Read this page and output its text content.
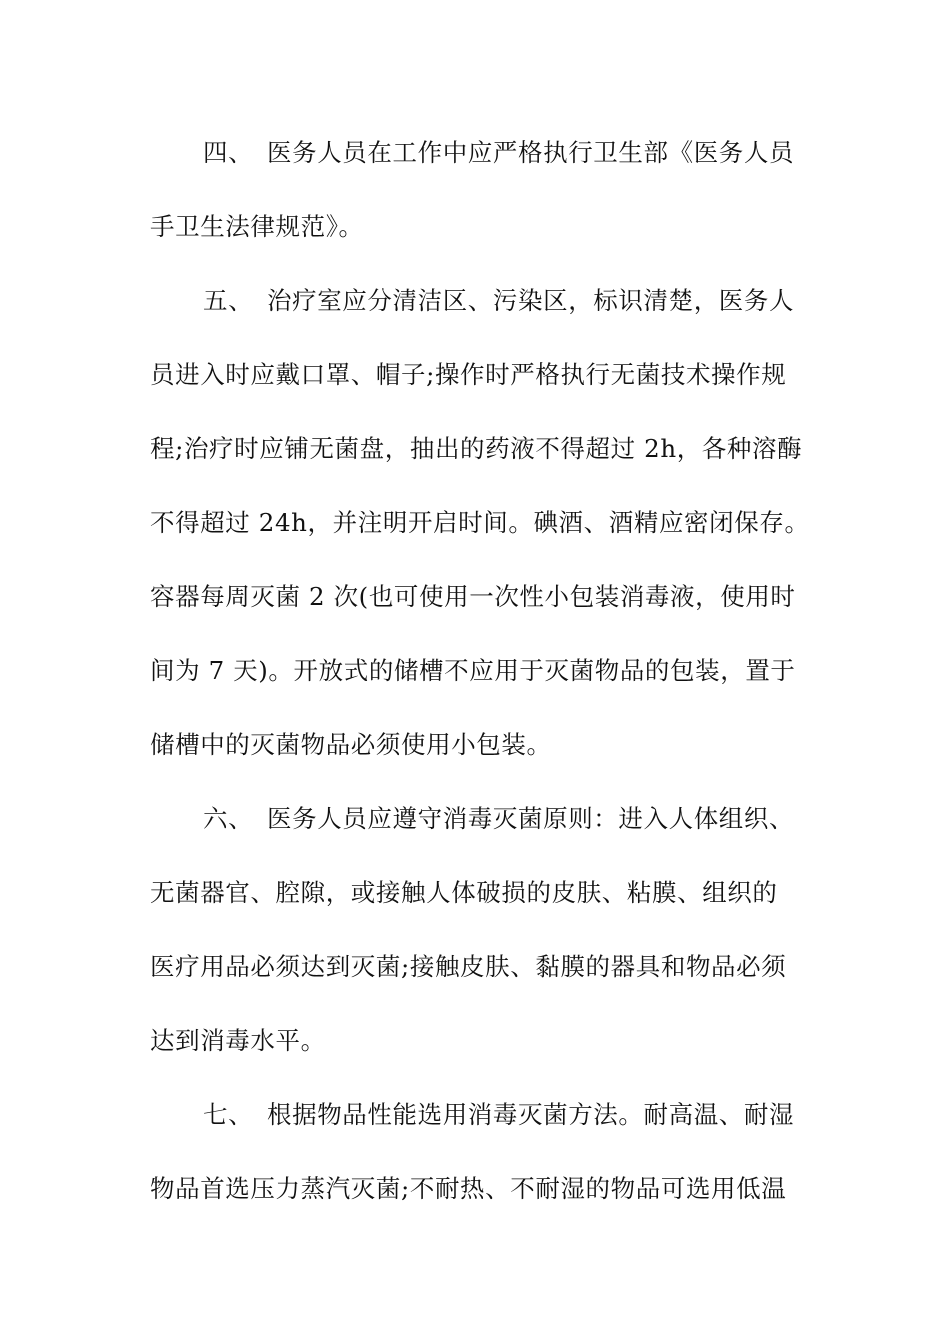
四、 医务人员在工作中应严格执行卫生部《医务人员
手卫生法律规范》。
五、 治疗室应分清洁区、污染区，标识清楚，医务人
员进入时应戴口罩、帽子;操作时严格执行无菌技术操作规
程;治疗时应铺无菌盘，抽出的药液不得超过 2h，各种溶酶
不得超过 24h，并注明开启时间。碘酒、酒精应密闭保存。
容器每周灭菌 2 次(也可使用一次性小包装消毒液，使用时
间为 7 天)。开放式的储槽不应用于灭菌物品的包装，置于
储槽中的灭菌物品必须使用小包装。
六、 医务人员应遵守消毒灭菌原则：进入人体组织、
无菌器官、腔隙，或接触人体破损的皮肤、粘膜、组织的
医疗用品必须达到灭菌;接触皮肤、黏膜的器具和物品必须
达到消毒水平。
七、 根据物品性能选用消毒灭菌方法。耐高温、耐湿
物品首选压力蒸汽灭菌;不耐热、不耐湿的物品可选用低温
